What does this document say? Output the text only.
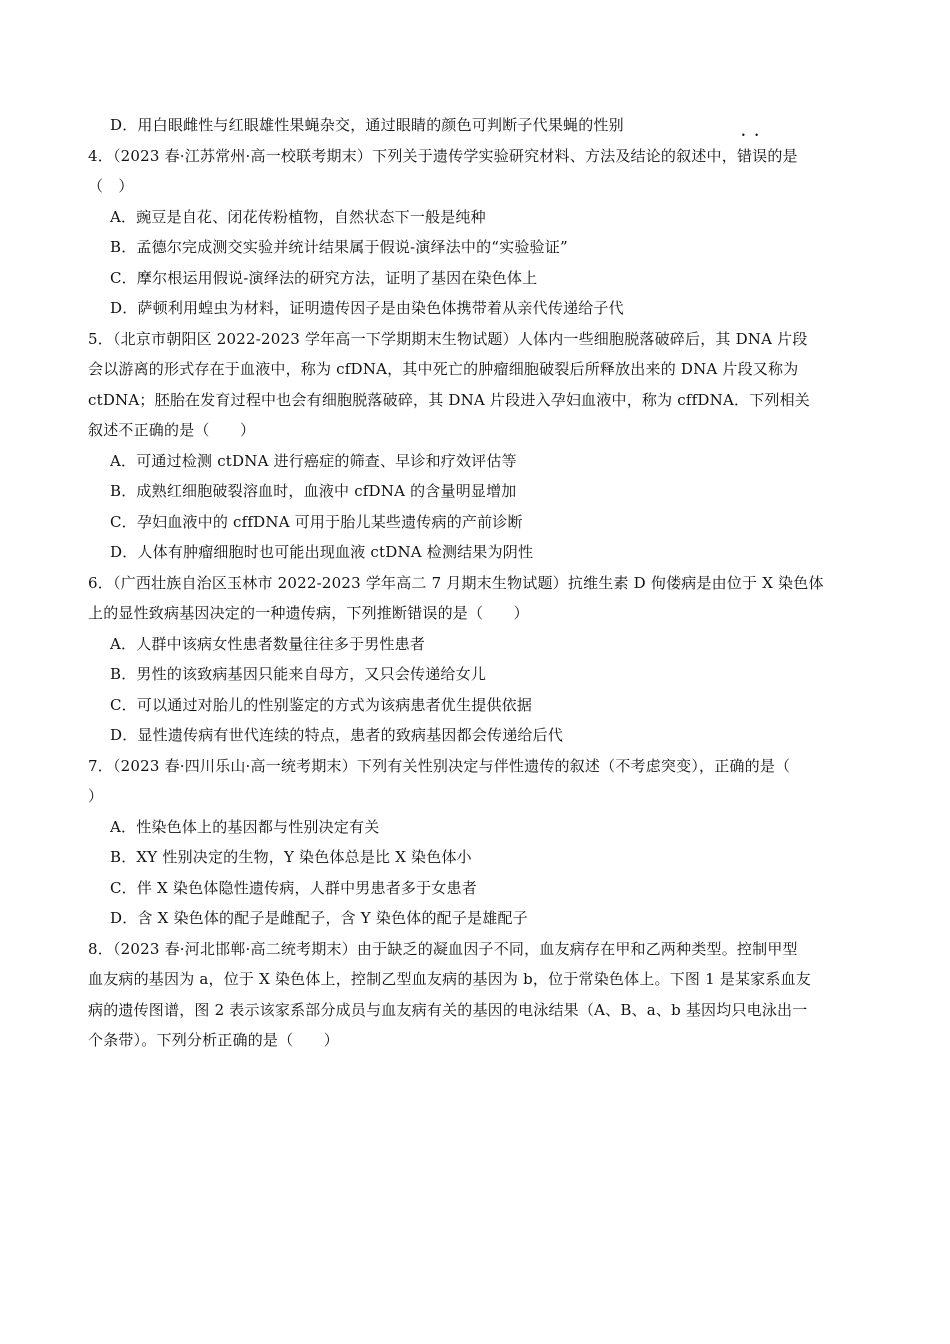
D．用白眼雌性与红眼雄性果蝇杂交，通过眼睛的颜色可判断子代果蝇的性别
4．（2023 春·江苏常州·高一校联考期末）下列关于遗传学实验研究材料、方法及结论的叙述中，错误 • •的是
（　）
A．豌豆是自花、闭花传粉植物，自然状态下一般是纯种
B．孟德尔完成测交实验并统计结果属于假说-演绎法中的“实验验证”
C．摩尔根运用假说-演绎法的研究方法，证明了基因在染色体上
D．萨顿利用蝗虫为材料，证明遗传因子是由染色体携带着从亲代传递给子代
5．（北京市朝阳区 2022-2023 学年高一下学期期末生物试题）人体内一些细胞脱落破碎后，其 DNA 片段
会以游离的形式存在于血液中，称为 cfDNA，其中死亡的肿瘤细胞破裂后所释放出来的 DNA 片段又称为
ctDNA；胚胎在发育过程中也会有细胞脱落破碎，其 DNA 片段进入孕妇血液中，称为 cffDNA．下列相关
叙述不正确的是（　　）
A．可通过检测 ctDNA 进行癌症的筛查、早诊和疗效评估等
B．成熟红细胞破裂溶血时，血液中 cfDNA 的含量明显增加
C．孕妇血液中的 cffDNA 可用于胎儿某些遗传病的产前诊断
D．人体有肿瘤细胞时也可能出现血液 ctDNA 检测结果为阴性
6．（广西壮族自治区玉林市 2022-2023 学年高二 7 月期末生物试题）抗维生素 D 佝偻病是由位于 X 染色体
上的显性致病基因决定的一种遗传病，下列推断错误的是（　　）
A．人群中该病女性患者数量往往多于男性患者
B．男性的该致病基因只能来自母方，又只会传递给女儿
C．可以通过对胎儿的性别鉴定的方式为该病患者优生提供依据
D．显性遗传病有世代连续的特点，患者的致病基因都会传递给后代
7．（2023 春·四川乐山·高一统考期末）下列有关性别决定与伴性遗传的叙述（不考虑突变），正确的是（
）
A．性染色体上的基因都与性别决定有关
B．XY 性别决定的生物，Y 染色体总是比 X 染色体小
C．伴 X 染色体隐性遗传病，人群中男患者多于女患者
D．含 X 染色体的配子是雌配子，含 Y 染色体的配子是雄配子
8．（2023 春·河北邯郸·高二统考期末）由于缺乏的凝血因子不同，血友病存在甲和乙两种类型。控制甲型
血友病的基因为 a，位于 X 染色体上，控制乙型血友病的基因为 b，位于常染色体上。下图 1 是某家系血友
病的遗传图谱，图 2 表示该家系部分成员与血友病有关的基因的电泳结果（A、B、a、b 基因均只电泳出一
个条带）。下列分析正确的是（　　）
